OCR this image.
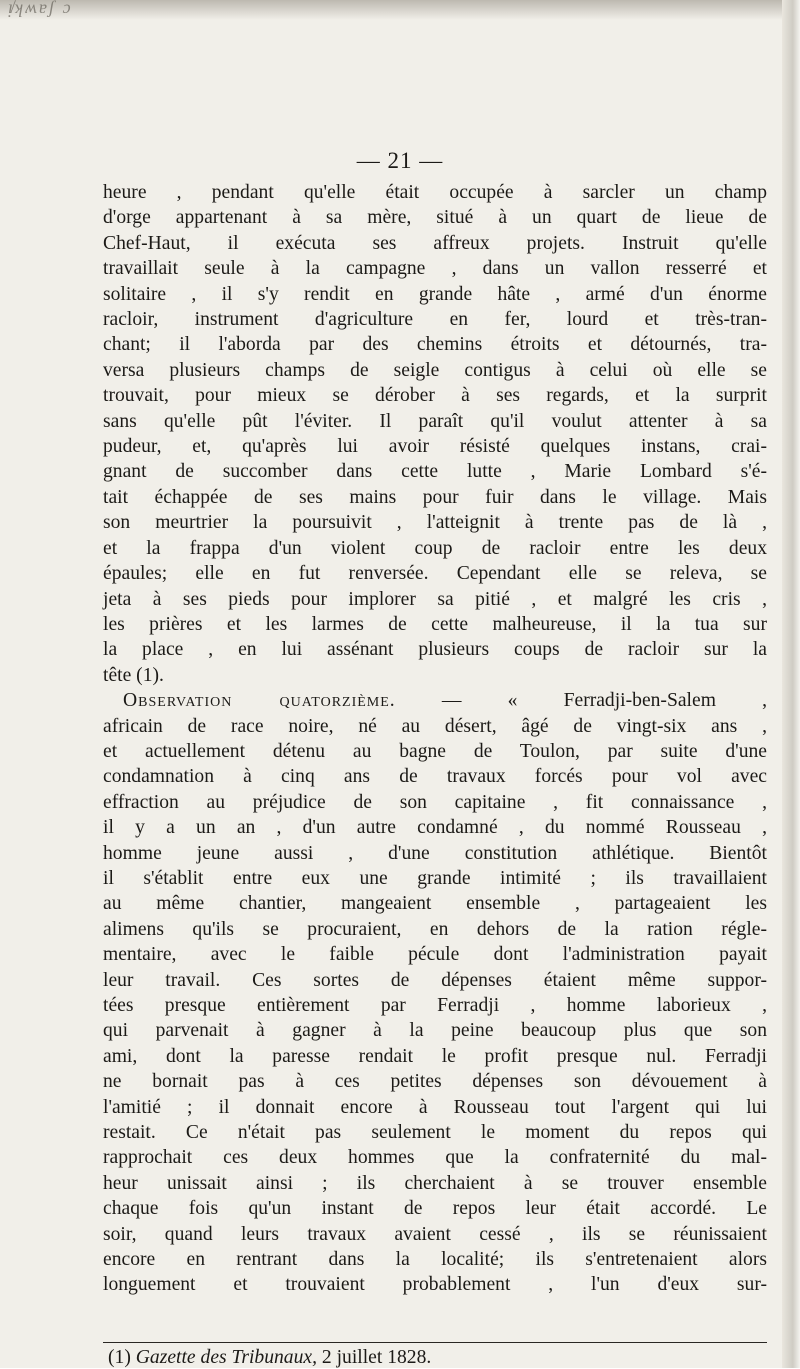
ᴉ̸ʞʍɐʃ ɔ
— 21 —
heure , pendant qu'elle était occupée à sarcler un champ
d'orge appartenant à sa mère, situé à un quart de lieue de
Chef-Haut, il exécuta ses affreux projets. Instruit qu'elle
travaillait seule à la campagne , dans un vallon resserré et
solitaire , il s'y rendit en grande hâte , armé d'un énorme
racloir, instrument d'agriculture en fer, lourd et très-tran-
chant; il l'aborda par des chemins étroits et détournés, tra-
versa plusieurs champs de seigle contigus à celui où elle se
trouvait, pour mieux se dérober à ses regards, et la surprit
sans qu'elle pût l'éviter. Il paraît qu'il voulut attenter à sa
pudeur, et, qu'après lui avoir résisté quelques instans, crai-
gnant de succomber dans cette lutte , Marie Lombard s'é-
tait échappée de ses mains pour fuir dans le village. Mais
son meurtrier la poursuivit , l'atteignit à trente pas de là ,
et la frappa d'un violent coup de racloir entre les deux
épaules; elle en fut renversée. Cependant elle se releva, se
jeta à ses pieds pour implorer sa pitié , et malgré les cris ,
les prières et les larmes de cette malheureuse, il la tua sur
la place , en lui assénant plusieurs coups de racloir sur la
tête (1).
Observation quatorzième. — « Ferradji-ben-Salem ,
africain de race noire, né au désert, âgé de vingt-six ans ,
et actuellement détenu au bagne de Toulon, par suite d'une
condamnation à cinq ans de travaux forcés pour vol avec
effraction au préjudice de son capitaine , fit connaissance ,
il y a un an , d'un autre condamné , du nommé Rousseau ,
homme jeune aussi , d'une constitution athlétique. Bientôt
il s'établit entre eux une grande intimité ; ils travaillaient
au même chantier, mangeaient ensemble , partageaient les
alimens qu'ils se procuraient, en dehors de la ration régle-
mentaire, avec le faible pécule dont l'administration payait
leur travail. Ces sortes de dépenses étaient même suppor-
tées presque entièrement par Ferradji , homme laborieux ,
qui parvenait à gagner à la peine beaucoup plus que son
ami, dont la paresse rendait le profit presque nul. Ferradji
ne bornait pas à ces petites dépenses son dévouement à
l'amitié ; il donnait encore à Rousseau tout l'argent qui lui
restait. Ce n'était pas seulement le moment du repos qui
rapprochait ces deux hommes que la confraternité du mal-
heur unissait ainsi ; ils cherchaient à se trouver ensemble
chaque fois qu'un instant de repos leur était accordé. Le
soir, quand leurs travaux avaient cessé , ils se réunissaient
encore en rentrant dans la localité; ils s'entretenaient alors
longuement et trouvaient probablement , l'un d'eux sur-
(1) Gazette des Tribunaux, 2 juillet 1828.
